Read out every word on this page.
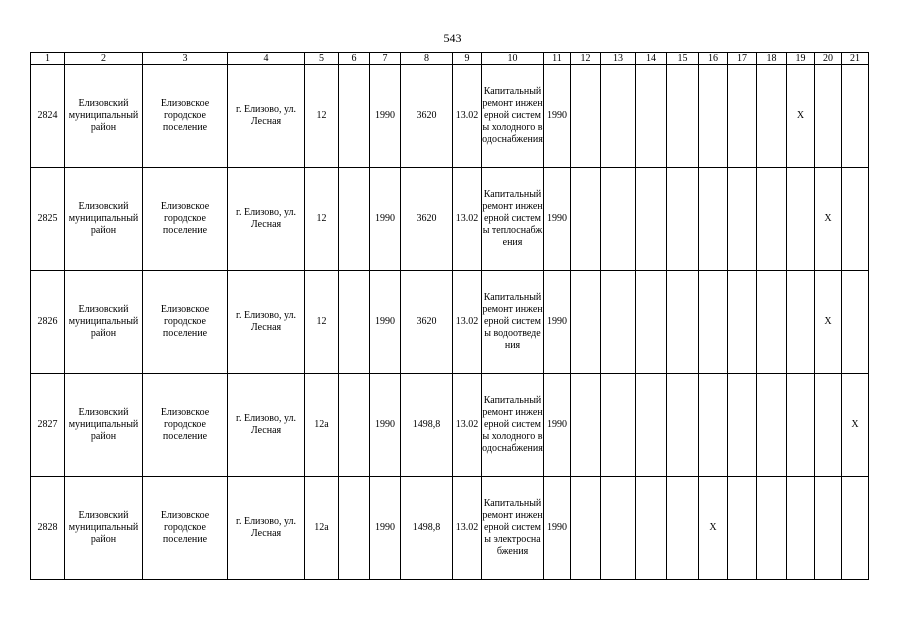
543
1	2	3	4	5	6	7	8	9	10	11	12	13	14	15	16	17	18	19	20	21
2824	Елизовский муниципальный район	Елизовское городское поселение	г. Елизово, ул. Лесная	12		1990	3620	13.02	Капитальный ремонт инженерной системы холодного водоснабжения	1990								X		
2825	Елизовский муниципальный район	Елизовское городское поселение	г. Елизово, ул. Лесная	12		1990	3620	13.02	Капитальный ремонт инженерной системы теплоснабжения	1990									X	
2826	Елизовский муниципальный район	Елизовское городское поселение	г. Елизово, ул. Лесная	12		1990	3620	13.02	Капитальный ремонт инженерной системы водоотведения	1990									X	
2827	Елизовский муниципальный район	Елизовское городское поселение	г. Елизово, ул. Лесная	12а		1990	1498,8	13.02	Капитальный ремонт инженерной системы холодного водоснабжения	1990										X
2828	Елизовский муниципальный район	Елизовское городское поселение	г. Елизово, ул. Лесная	12а		1990	1498,8	13.02	Капитальный ремонт инженерной системы электроснабжения	1990					X					
